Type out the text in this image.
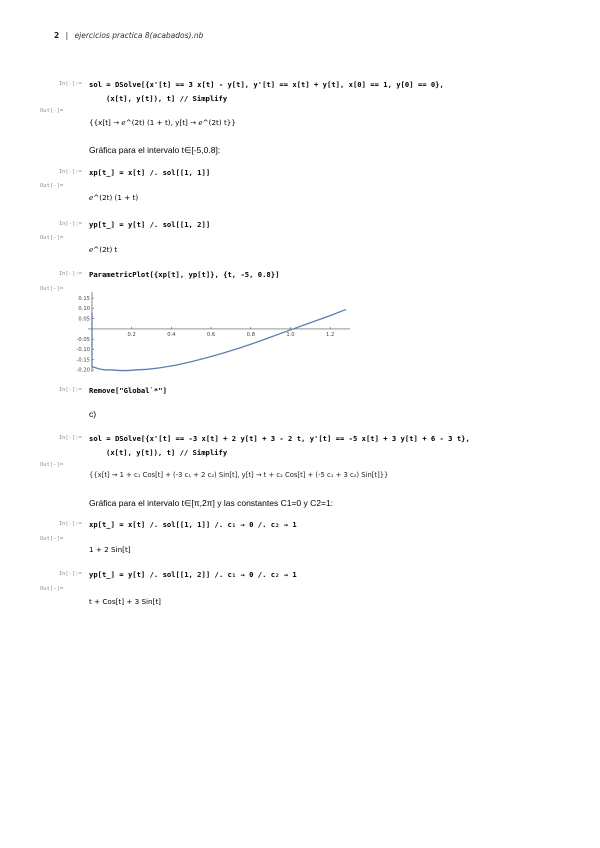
2 | ejercicios practica 8(acabados).nb
In[-]:= sol = DSolve[{x'[t] == 3 x[t] - y[t], y'[t] == x[t] + y[t], x[0] == 1, y[0] == 0},
(x[t], y[t]), t] // Simplify
Out[-]=
{{x[t] → ℯ^(2t) (1 + t), y[t] → ℯ^(2t) t}}
Gráfica para el intervalo t∈[-5,0.8]:
In[-]:= xp[t_] = x[t] /. sol[[1, 1]]
Out[-]=
ℯ^(2t) (1 + t)
In[-]:= yp[t_] = y[t] /. sol[[1, 2]]
Out[-]=
ℯ^(2t) t
In[-]:= ParametricPlot[{xp[t], yp[t]}, {t, -5, 0.8}]
Out[-]=
0.2	0.4	0.6	0.8	1.0	1.2
0.15
0.10
0.05
-0.05
-0.10
-0.15
-0.20
In[-]:= Remove["Global`*"]
c)
In[-]:= sol = DSolve[{x'[t] == -3 x[t] + 2 y[t] + 3 - 2 t, y'[t] == -5 x[t] + 3 y[t] + 6 - 3 t},
(x[t], y[t]), t] // Simplify
Out[-]=
{{x[t] → 1 + c₁ Cos[t] + (-3 c₁ + 2 c₂) Sin[t], y[t] → t + c₂ Cos[t] + (-5 c₁ + 3 c₂) Sin[t]}}
Gráfica para el intervalo t∈[π,2π] y las constantes C1=0 y C2=1:
In[-]:= xp[t_] = x[t] /. sol[[1, 1]] /. c₁ → 0 /. c₂ → 1
Out[-]=
1 + 2 Sin[t]
In[-]:= yp[t_] = y[t] /. sol[[1, 2]] /. c₁ → 0 /. c₂ → 1
Out[-]=
t + Cos[t] + 3 Sin[t]
